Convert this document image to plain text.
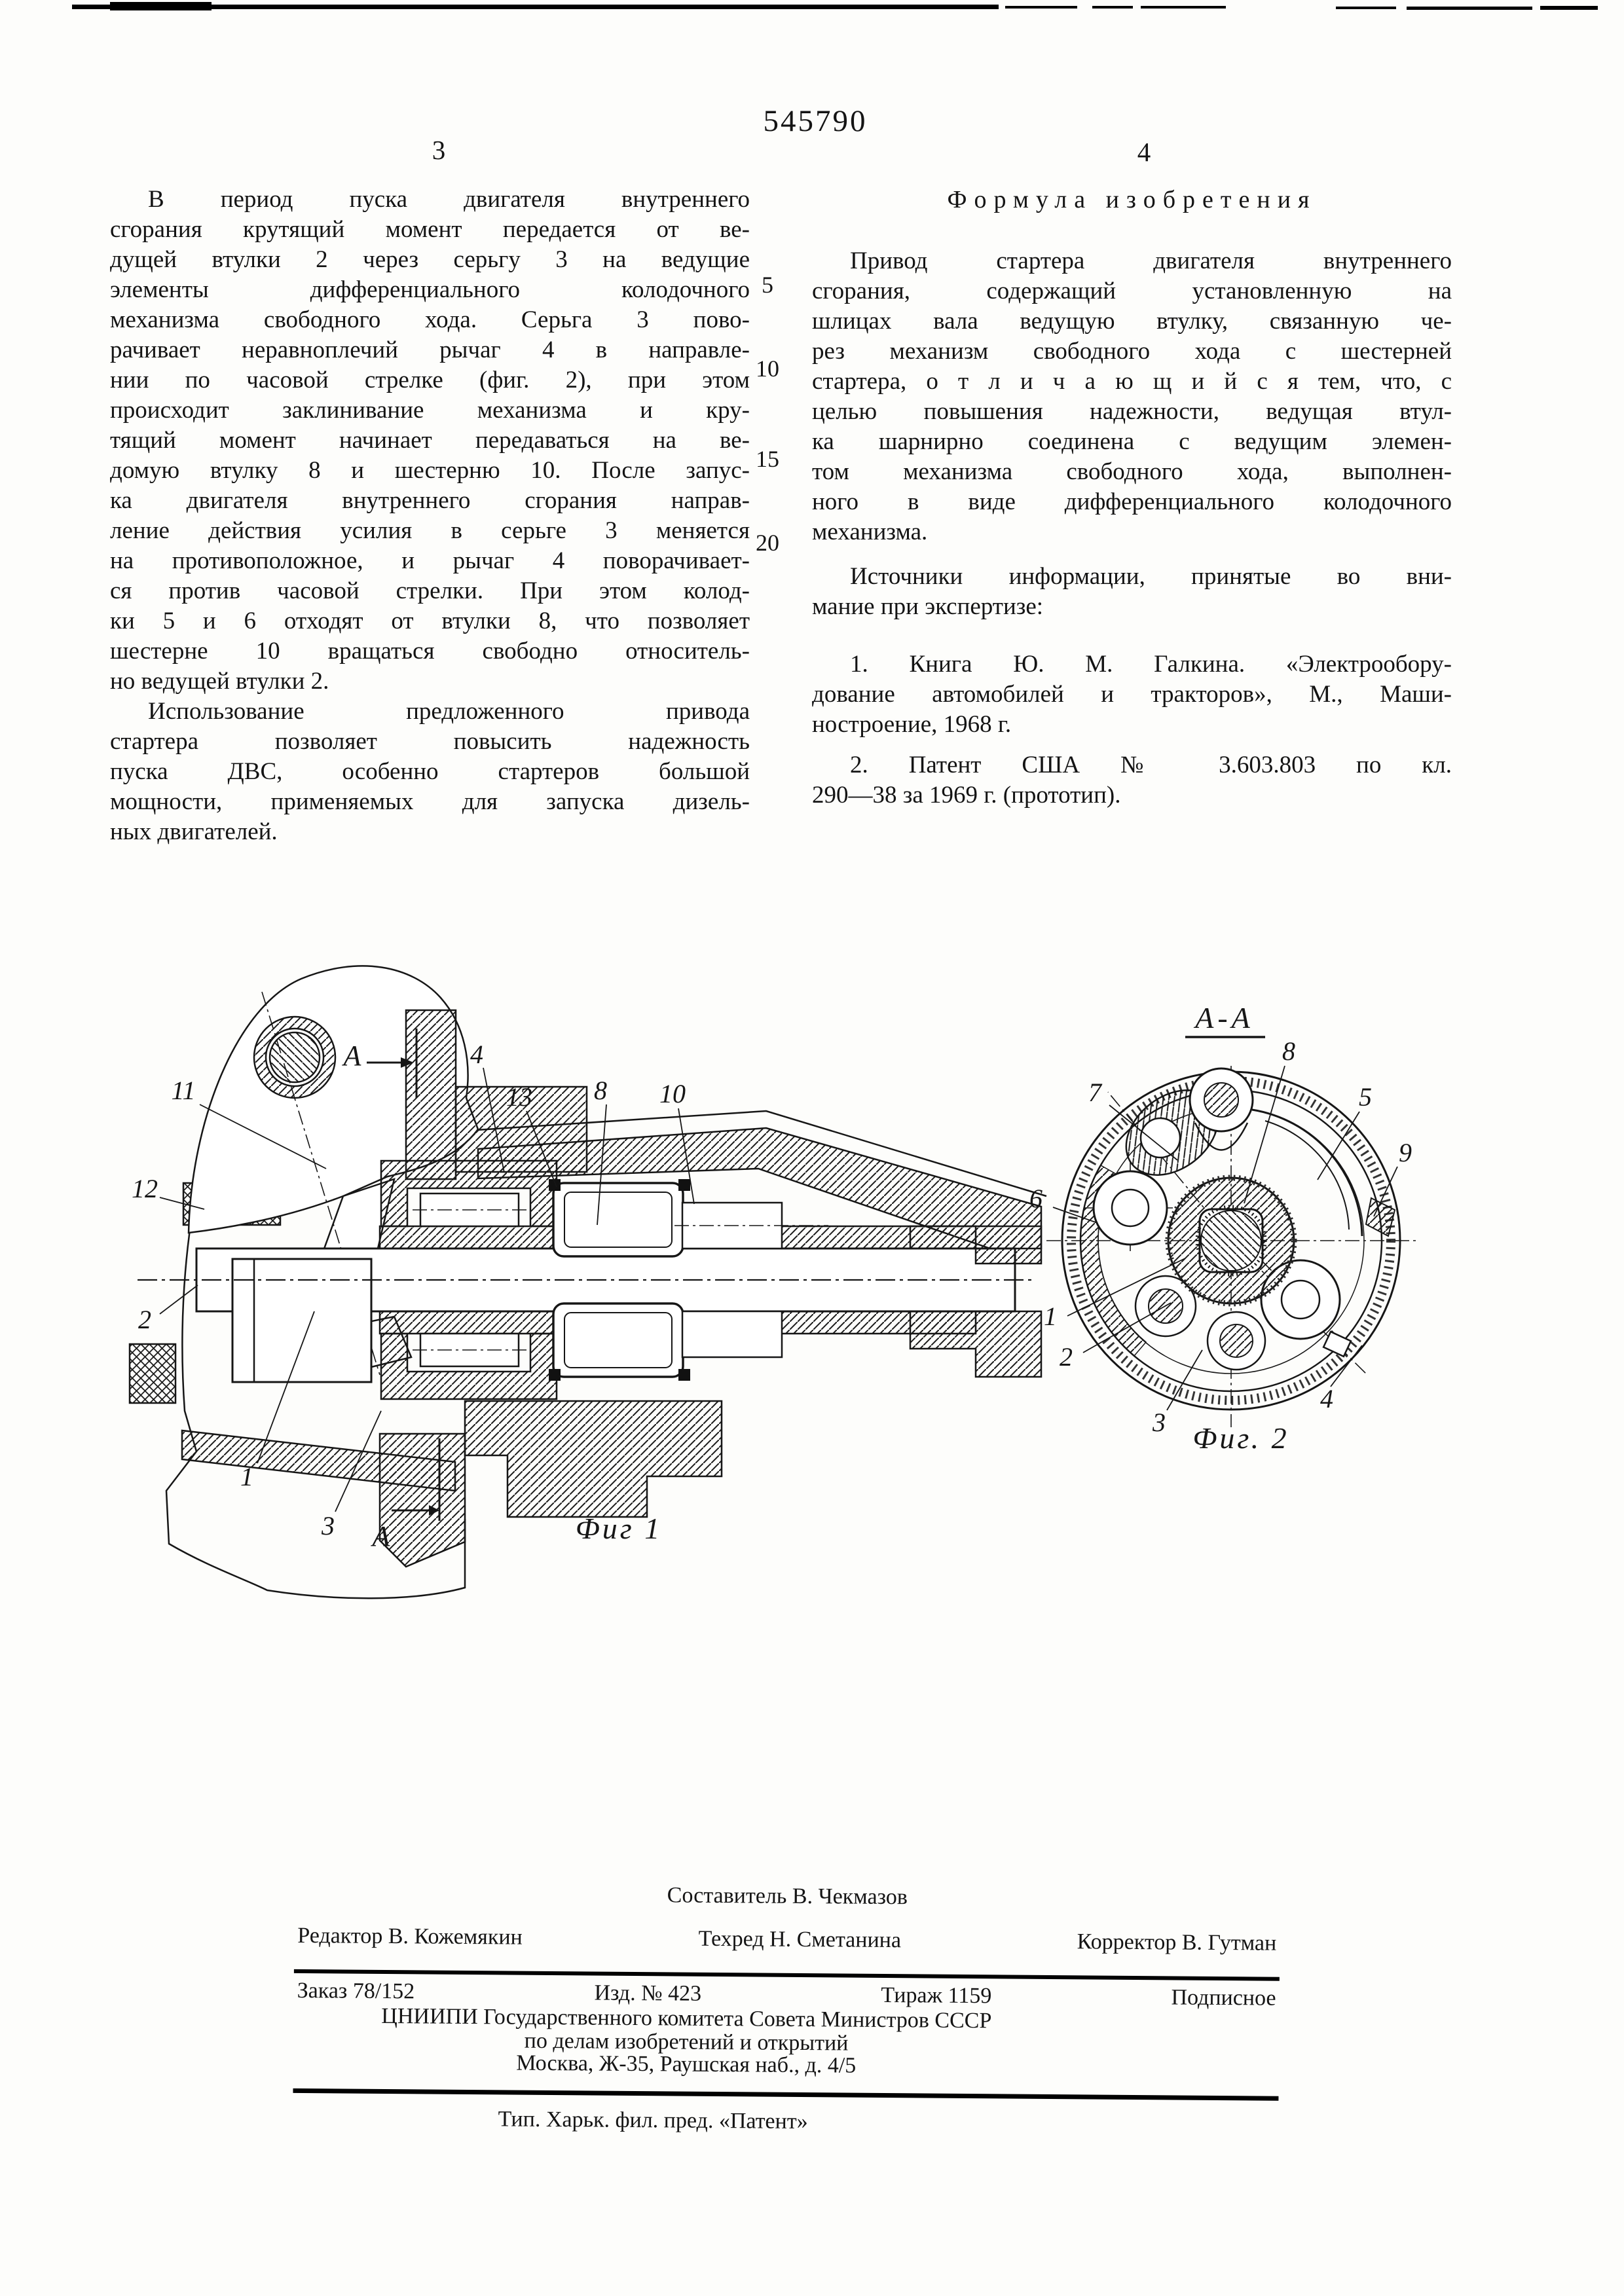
545790
3	4
В период пуска двигателя внутреннего
сгорания крутящий момент передается от ве-
дущей втулки 2 через серьгу 3 на ведущие
элементы дифференциального колодочного
механизма свободного хода. Серьга 3 пово-
рачивает неравноплечий рычаг 4 в направле-
нии по часовой стрелке (фиг. 2), при этом
происходит заклинивание механизма и кру-
тящий момент начинает передаваться на ве-
домую втулку 8 и шестерню 10. После запус-
ка двигателя внутреннего сгорания направ-
ление действия усилия в серьге 3 меняется
на противоположное, и рычаг 4 поворачивает-
ся против часовой стрелки. При этом колод-
ки 5 и 6 отходят от втулки 8, что позволяет
шестерне 10 вращаться свободно относитель-
но ведущей втулки 2.
Использование предложенного привода
стартера позволяет повысить надежность
пуска ДВС, особенно стартеров большой
мощности, применяемых для запуска дизель-
ных двигателей.
5
10
15
20
Формула изобретения
Привод стартера двигателя внутреннего
сгорания, содержащий установленную на
шлицах вала ведущую втулку, связанную че-
рез механизм свободного хода с шестерней
стартера, о т л и ч а ю щ и й с я тем, что, с
целью повышения надежности, ведущая втул-
ка шарнирно соединена с ведущим элемен-
том механизма свободного хода, выполнен-
ного в виде дифференциального колодочного
механизма.
Источники информации, принятые во вни-
мание при экспертизе:
1. Книга Ю. М. Галкина. «Электрообору-
дование автомобилей и тракторов», М., Маши-
ностроение, 1968 г.
2. Патент США № 3.603.803 по кл.
290—38 за 1969 г. (прототип).
11
12
2
1
3
4
13 8 10
A
A	Фиг 1
А-А
7
8
5
9
6
1
2
3
4
Фиг. 2
Составитель В. Чекмазов
Редактор В. Кожемякин	Техред Н. Сметанина	Корректор В. Гутман
Заказ 78/152	Изд. № 423	Тираж 1159	Подписное
ЦНИИПИ Государственного комитета Совета Министров СССР
по делам изобретений и открытий
Москва, Ж-35, Раушская наб., д. 4/5
Тип. Харьк. фил. пред. «Патент»
